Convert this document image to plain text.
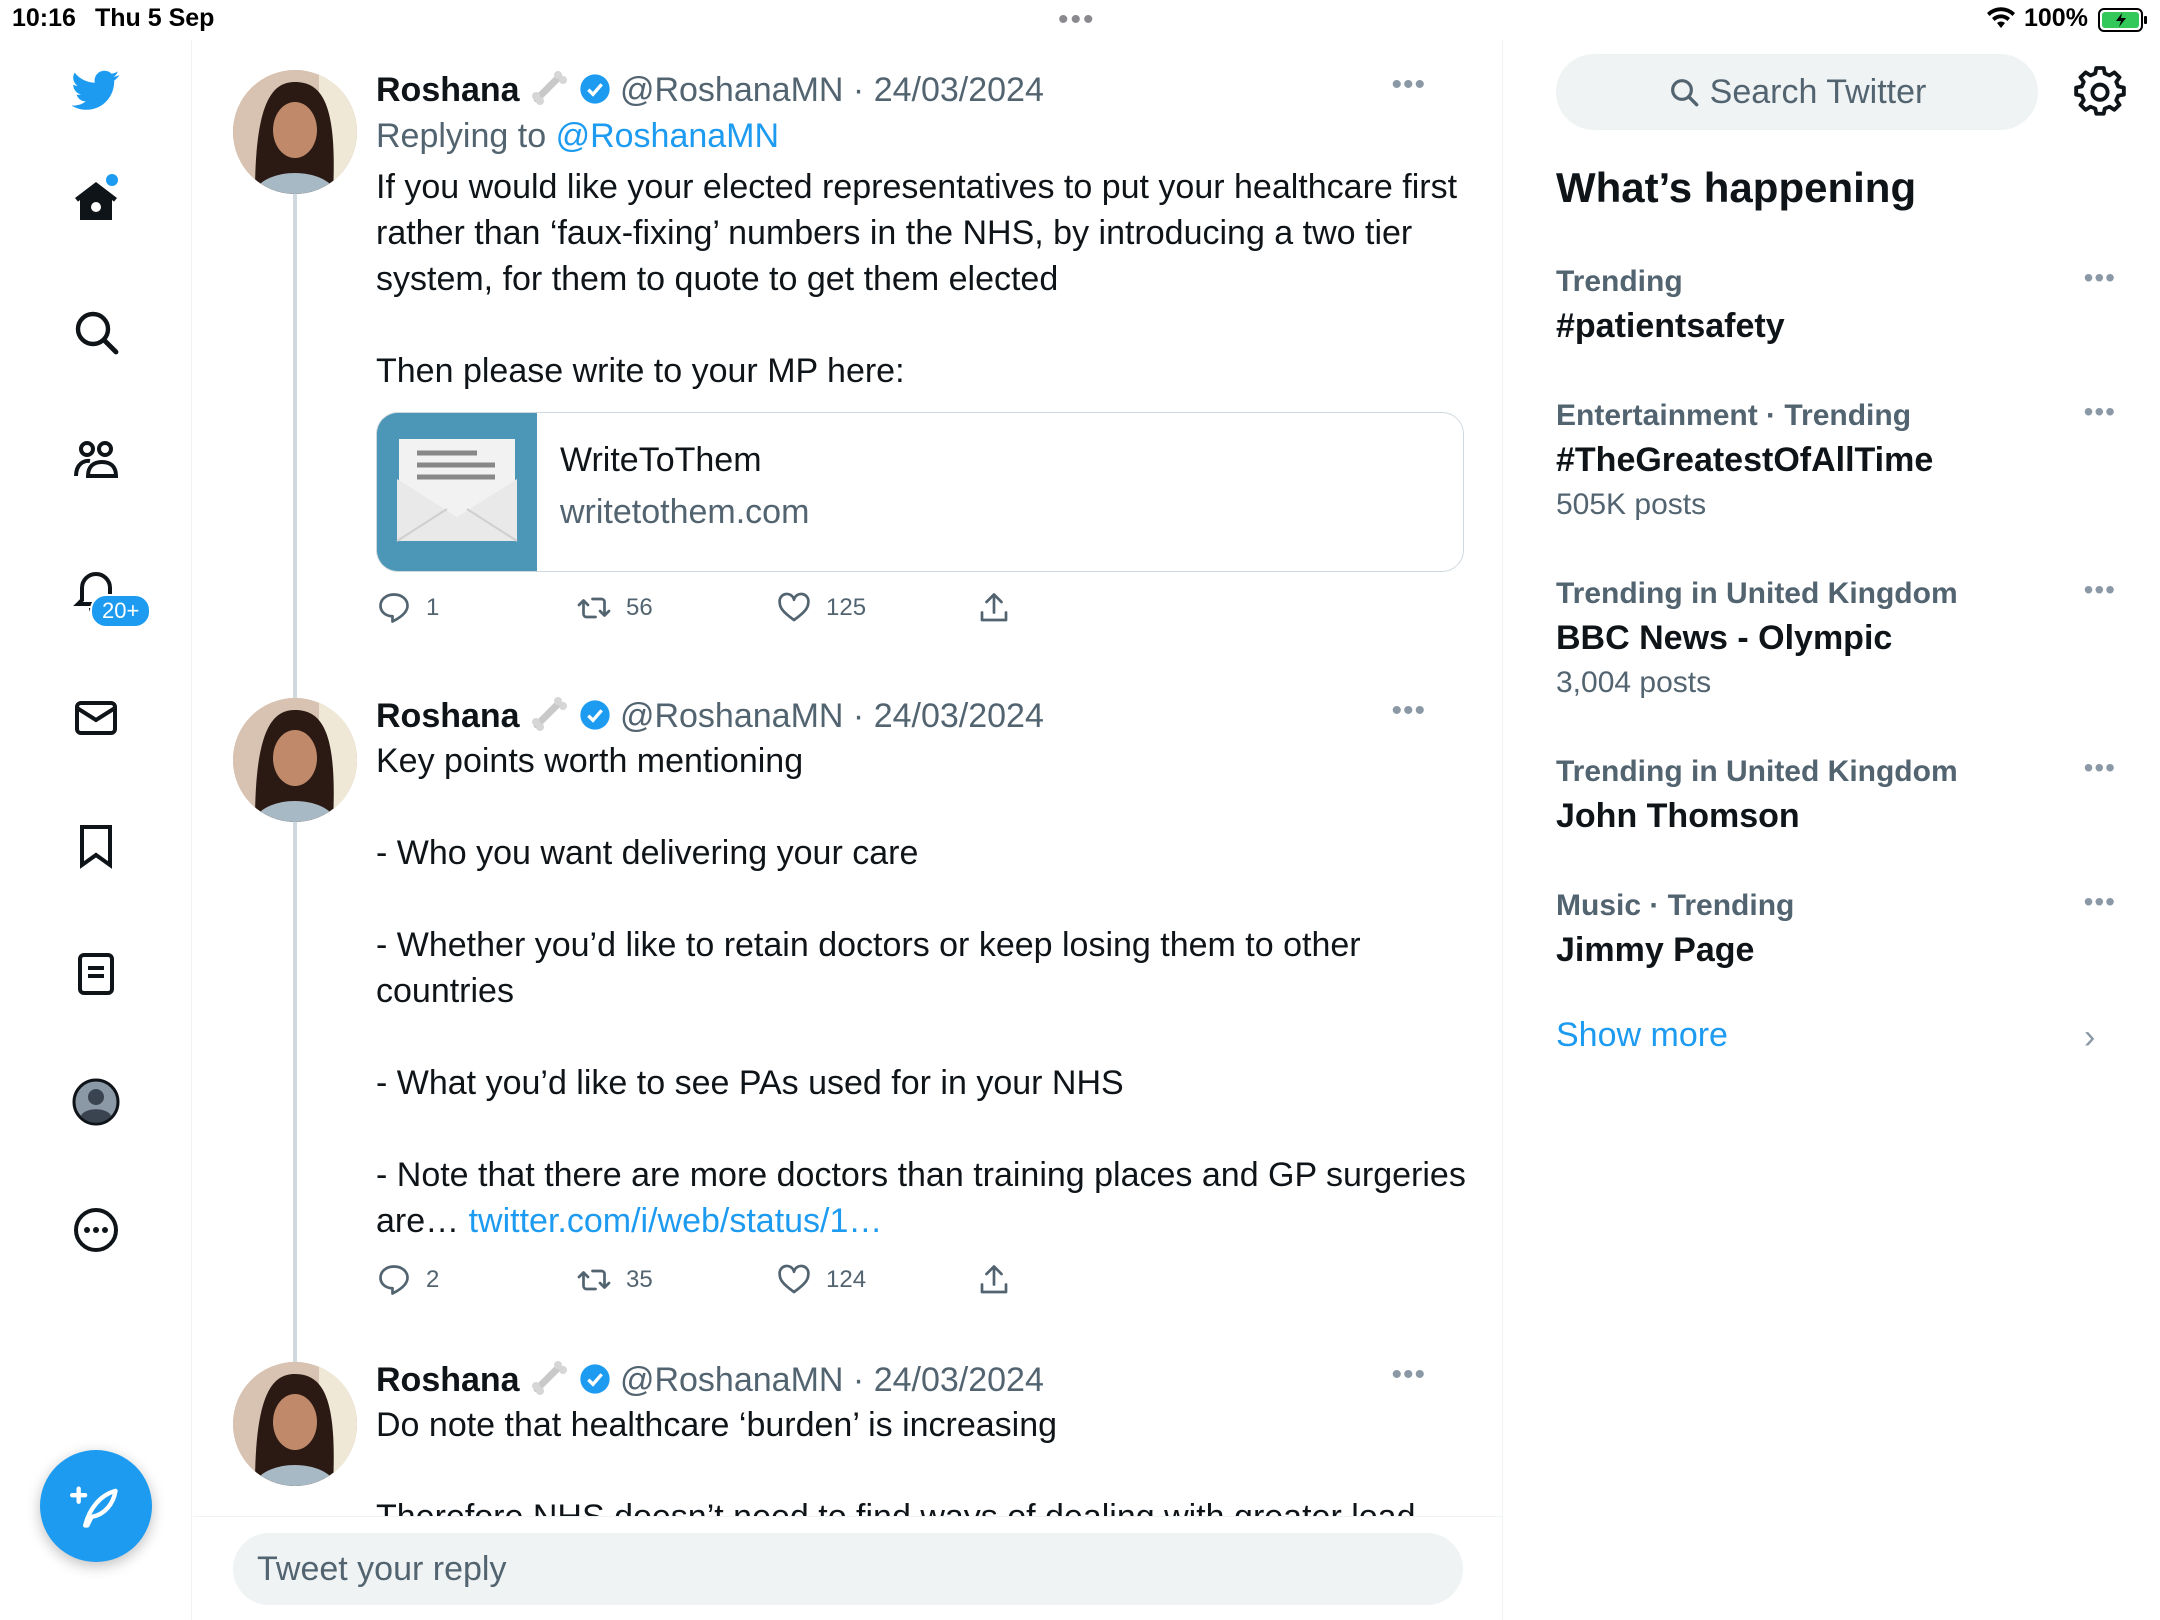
10:16 Thu 5 Sep	•••	100%
20+
Roshana	@RoshanaMN · 24/03/2024	•••
Replying to @RoshanaMN
If you would like your elected representatives to put your healthcare first rather than ‘faux-fixing’ numbers in the NHS, by introducing a two tier system, for them to quote to get them elected

Then please write to your MP here:
WriteToThem
writetothem.com
1	56	125
Roshana	@RoshanaMN · 24/03/2024	•••
Key points worth mentioning

- Who you want delivering your care

- Whether you’d like to retain doctors or keep losing them to other countries

- What you’d like to see PAs used for in your NHS

- Note that there are more doctors than training places and GP surgeries are… twitter.com/i/web/status/1…
2	35	124
Roshana	@RoshanaMN · 24/03/2024	•••
Do note that healthcare ‘burden’ is increasing
Tweet your reply
Search Twitter
What’s happening
Trending
#patientsafety
•••
Entertainment · Trending
#TheGreatestOfAllTime
505K posts
•••
Trending in United Kingdom
BBC News - Olympic
3,004 posts
•••
Trending in United Kingdom
John Thomson
•••
Music · Trending
Jimmy Page
•••
Show more	›
